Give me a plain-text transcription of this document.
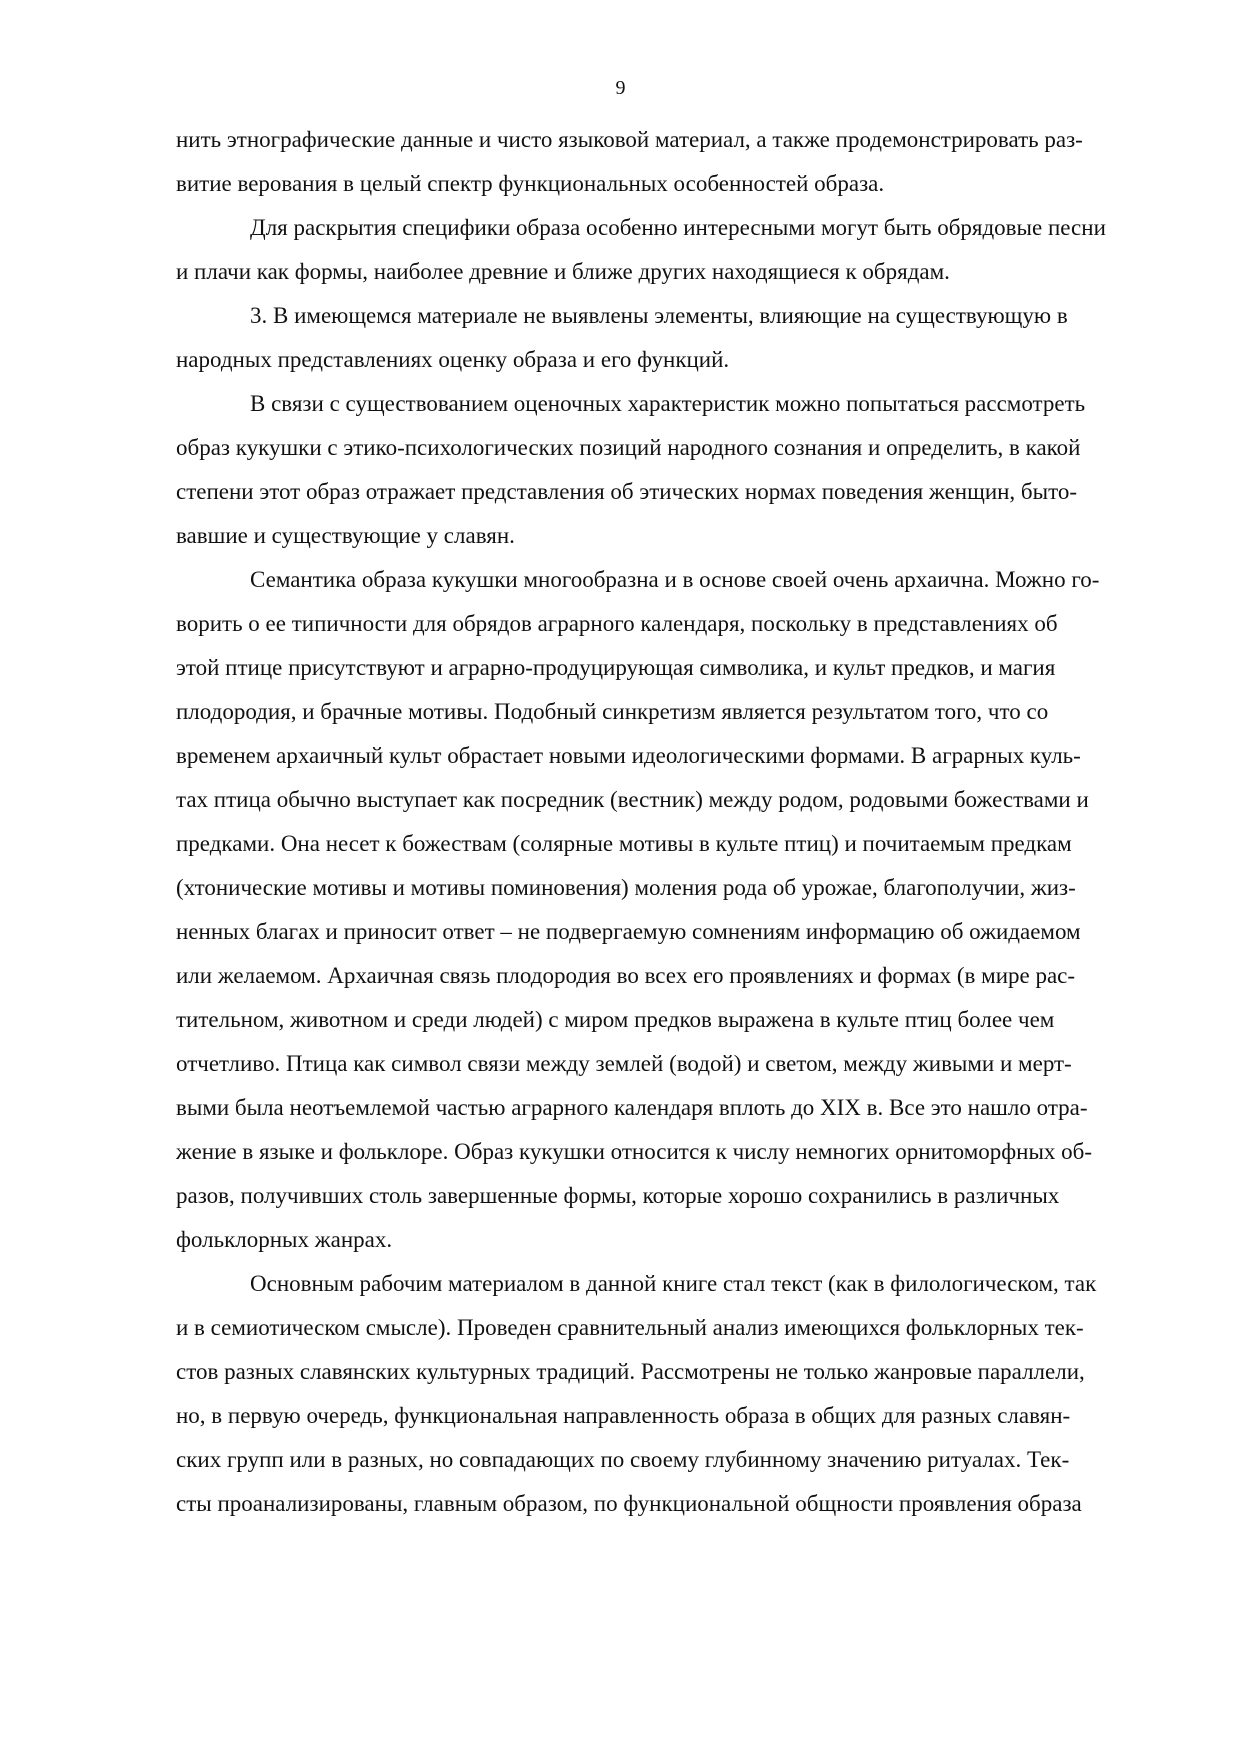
9
нить этнографические данные и чисто языковой материал, а также продемонстрировать раз-
витие верования в целый спектр функциональных особенностей образа.
Для раскрытия специфики образа особенно интересными могут быть обрядовые песни
и плачи как формы, наиболее древние и ближе других находящиеся к обрядам.
3. В имеющемся материале не выявлены элементы, влияющие на существующую в
народных представлениях оценку образа и его функций.
В связи с существованием оценочных характеристик можно попытаться рассмотреть
образ кукушки с этико-психологических позиций народного сознания и определить, в какой
степени этот образ отражает представления об этических нормах поведения женщин, быто-
вавшие и существующие у славян.
Семантика образа кукушки многообразна и в основе своей очень архаична. Можно го-
ворить о ее типичности для обрядов аграрного календаря, поскольку в представлениях об
этой птице присутствуют и аграрно-продуцирующая символика, и культ предков, и магия
плодородия, и брачные мотивы. Подобный синкретизм является результатом того, что со
временем архаичный культ обрастает новыми идеологическими формами. В аграрных куль-
тах птица обычно выступает как посредник (вестник) между родом, родовыми божествами и
предками. Она несет к божествам (солярные мотивы в культе птиц) и почитаемым предкам
(хтонические мотивы и мотивы поминовения) моления рода об урожае, благополучии, жиз-
ненных благах и приносит ответ – не подвергаемую сомнениям информацию об ожидаемом
или желаемом. Архаичная связь плодородия во всех его проявлениях и формах (в мире рас-
тительном, животном и среди людей) с миром предков выражена в культе птиц более чем
отчетливо. Птица как символ связи между землей (водой) и светом, между живыми и мерт-
выми была неотъемлемой частью аграрного календаря вплоть до XIX в. Все это нашло отра-
жение в языке и фольклоре. Образ кукушки относится к числу немногих орнитоморфных об-
разов, получивших столь завершенные формы, которые хорошо сохранились в различных
фольклорных жанрах.
Основным рабочим материалом в данной книге стал текст (как в филологическом, так
и в семиотическом смысле). Проведен сравнительный анализ имеющихся фольклорных тек-
стов разных славянских культурных традиций. Рассмотрены не только жанровые параллели,
но, в первую очередь, функциональная направленность образа в общих для разных славян-
ских групп или в разных, но совпадающих по своему глубинному значению ритуалах. Тек-
сты проанализированы, главным образом, по функциональной общности проявления образа
